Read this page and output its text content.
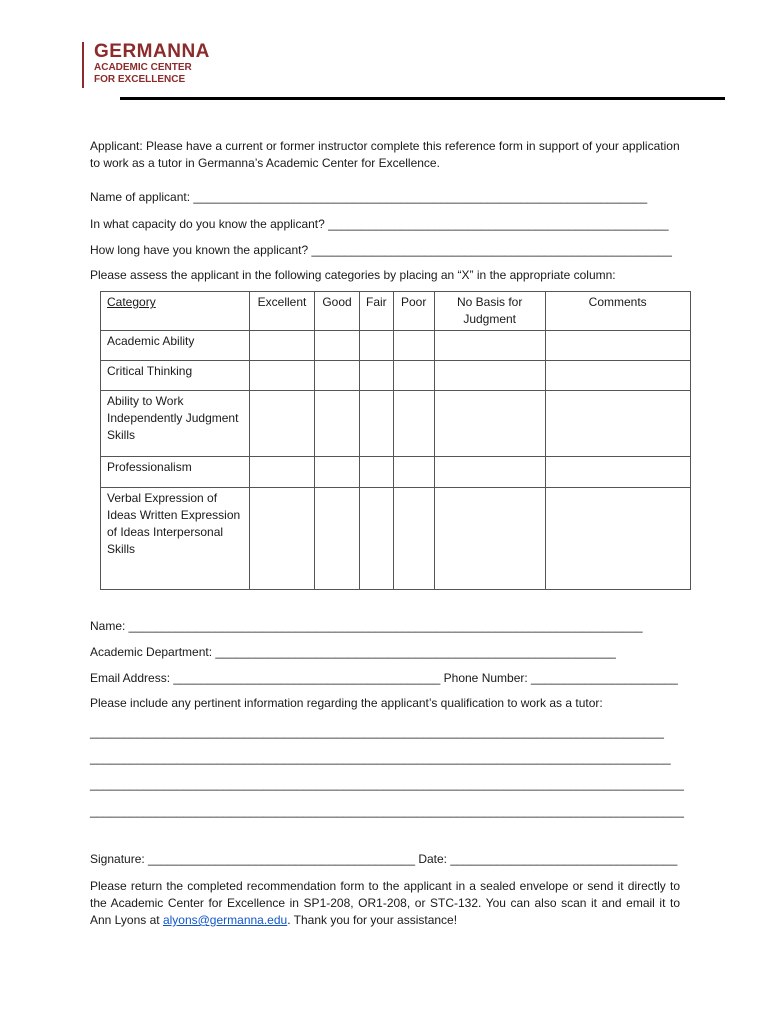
GERMANNA
ACADEMIC CENTER
FOR EXCELLENCE
Applicant: Please have a current or former instructor complete this reference form in support of your application to work as a tutor in Germanna’s Academic Center for Excellence.
Name of applicant: ____________________________________________________________________
In what capacity do you know the applicant? ___________________________________________________
How long have you known the applicant? ______________________________________________________
Please assess the applicant in the following categories by placing an “X” in the appropriate column:
Category	Excellent	Good	Fair	Poor	No Basis for Judgment	Comments
Academic Ability						
Critical Thinking						
Ability to Work Independently Judgment Skills						
Professionalism						
Verbal Expression of Ideas Written Expression of Ideas Interpersonal Skills						
Name: _____________________________________________________________________________
Academic Department: ____________________________________________________________
Email Address: ________________________________________ Phone Number: ______________________
Please include any pertinent information regarding the applicant’s qualification to work as a tutor:
______________________________________________________________________________________
_______________________________________________________________________________________
_________________________________________________________________________________________
_________________________________________________________________________________________
Signature: ________________________________________ Date: __________________________________
Please return the completed recommendation form to the applicant in a sealed envelope or send it directly to the Academic Center for Excellence in SP1-208, OR1-208, or STC-132. You can also scan it and email it to Ann Lyons at alyons@germanna.edu. Thank you for your assistance!
